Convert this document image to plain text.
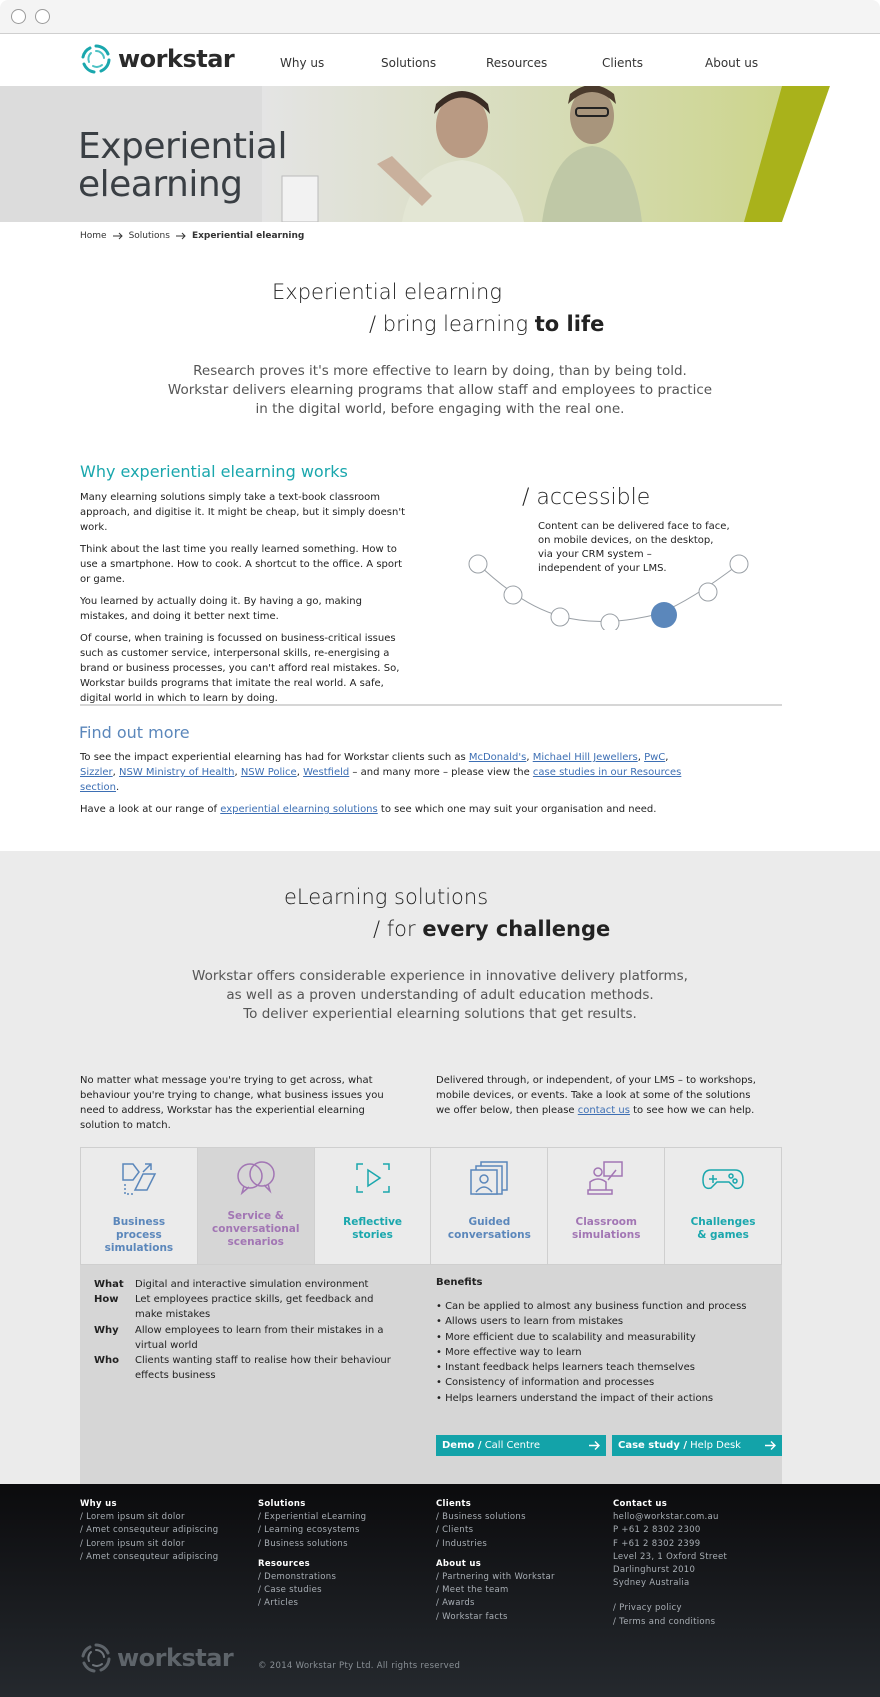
workstar	Why us	Solutions	Resources	Clients	About us
Experiential
elearning
Home Solutions Experiential elearning
Experiential elearning
/ bring learning to life
Research proves it's more effective to learn by doing, than by being told.
Workstar delivers elearning programs that allow staff and employees to practice
in the digital world, before engaging with the real one.
Why experiential elearning works

Many elearning solutions simply take a text-book classroom approach, and digitise it. It might be cheap, but it simply doesn't work.

Think about the last time you really learned something. How to use a smartphone. How to cook. A shortcut to the office. A sport or game.

You learned by actually doing it. By having a go, making mistakes, and doing it better next time.

Of course, when training is focussed on business-critical issues such as customer service, interpersonal skills, re-energising a brand or business processes, you can't afford real mistakes. So, Workstar builds programs that imitate the real world. A safe, digital world in which to learn by doing.

/ accessible
Content can be delivered face to face,
on mobile devices, on the desktop,
via your CRM system –
independent of your LMS.
Find out more

To see the impact experiential elearning has had for Workstar clients such as McDonald's, Michael Hill Jewellers, PwC, Sizzler, NSW Ministry of Health, NSW Police, Westfield – and many more – please view the case studies in our Resources section.

Have a look at our range of experiential elearning solutions to see which one may suit your organisation and need.

eLearning solutions
/ for every challenge
Workstar offers considerable experience in innovative delivery platforms,
as well as a proven understanding of adult education methods.
To deliver experiential elearning solutions that get results.
No matter what message you're trying to get across, what behaviour you're trying to change, what business issues you need to address, Workstar has the experiential elearning solution to match.
Delivered through, or independent, of your LMS – to workshops, mobile devices, or events. Take a look at some of the solutions we offer below, then please contact us to see how we can help.
Business
process
simulations
Service &
conversational
scenarios
Reflective
stories
Guided
conversations
Classroom
simulations
Challenges
& games
What	Digital and interactive simulation environment
How	Let employees practice skills, get feedback and make mistakes
Why	Allow employees to learn from their mistakes in a virtual world
Who	Clients wanting staff to realise how their behaviour effects business
Benefits
• Can be applied to almost any business function and process
• Allows users to learn from mistakes
• More efficient due to scalability and measurability
• More effective way to learn
• Instant feedback helps learners teach themselves
• Consistency of information and processes
• Helps learners understand the impact of their actions
Demo / Call Centre	Case study / Help Desk
Why us
/ Lorem ipsum sit dolor
/ Amet consequteur adipiscing
/ Lorem ipsum sit dolor
/ Amet consequteur adipiscing
Solutions
/ Experiential eLearning
/ Learning ecosystems
/ Business solutions
Resources
/ Demonstrations
/ Case studies
/ Articles
Clients
/ Business solutions
/ Clients
/ Industries
About us
/ Partnering with Workstar
/ Meet the team
/ Awards
/ Workstar facts
Contact us
hello@workstar.com.au
P +61 2 8302 2300
F +61 2 8302 2399
Level 23, 1 Oxford Street
Darlinghurst 2010
Sydney Australia
/ Privacy policy
/ Terms and conditions
workstar	© 2014 Workstar Pty Ltd. All rights reserved
